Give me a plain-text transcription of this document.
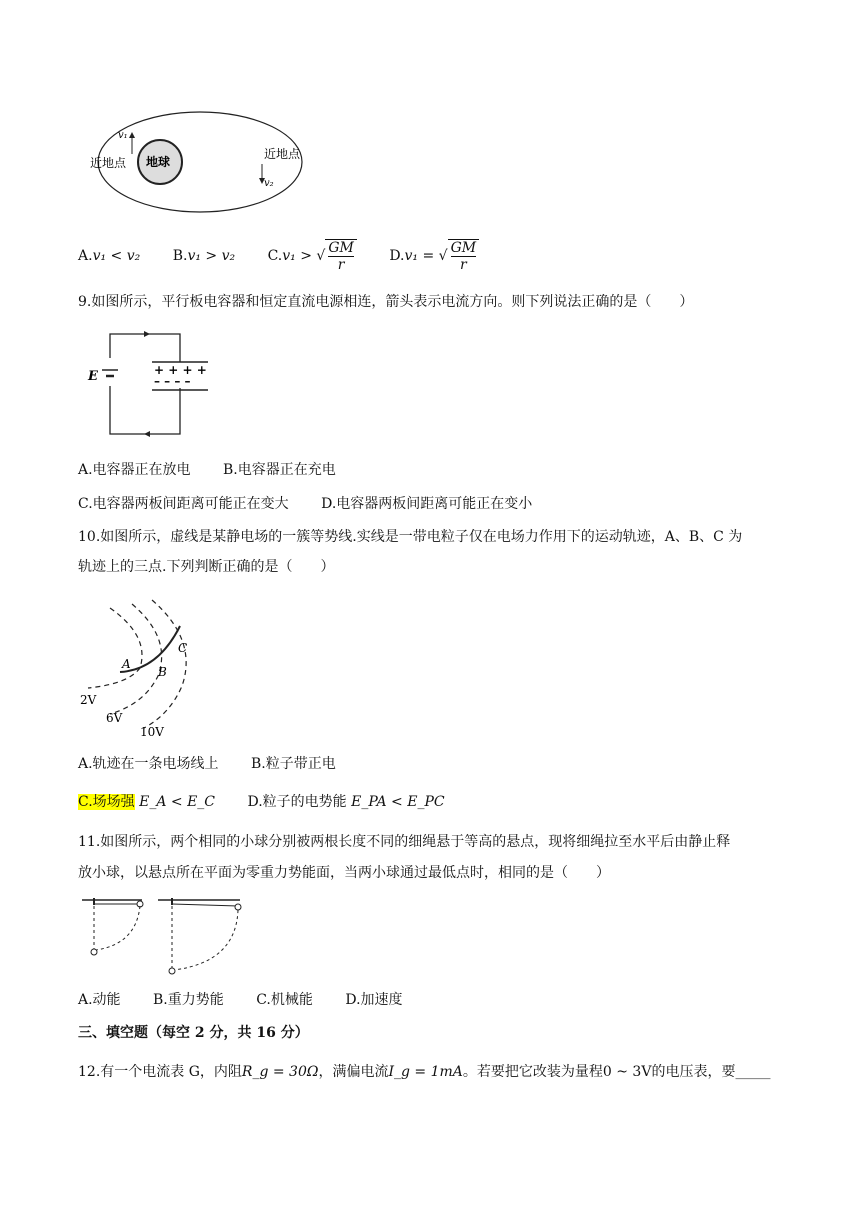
地球
v₁
近地点
v₂
近地点
A.v₁ < v₂ B.v₁ > v₂ C.v₁ > √ $\frac{GM}{r} D.v_1$ = √ $\frac{GM}{r}$
9.如图所示，平行板电容器和恒定直流电源相连，箭头表示电流方向。则下列说法正确的是（　　）
E	+ + + +
– – – –
A.电容器正在放电 B.电容器正在充电
C.电容器两板间距离可能正在变大 D.电容器两板间距离可能正在变小
10.如图所示，虚线是某静电场的一簇等势线.实线是一带电粒子仅在电场力作用下的运动轨迹，A、B、C 为
轨迹上的三点.下列判断正确的是（　　）
A
B
C
2V
6V
10V
A.轨迹在一条电场线上 B.粒子带正电
C.场场强 E_A < E_C D.粒子的电势能 E_PA < E_PC
11.如图所示，两个相同的小球分别被两根长度不同的细绳悬于等高的悬点，现将细绳拉至水平后由静止释
放小球，以悬点所在平面为零重力势能面，当两小球通过最低点时，相同的是（　　）
A.动能 B.重力势能 C.机械能 D.加速度
三、填空题（每空 2 分，共 16 分）
12.有一个电流表 G，内阻R_g = 30Ω，满偏电流I_g = 1mA。若要把它改装为量程0 ~ 3V的电压表，要_____
